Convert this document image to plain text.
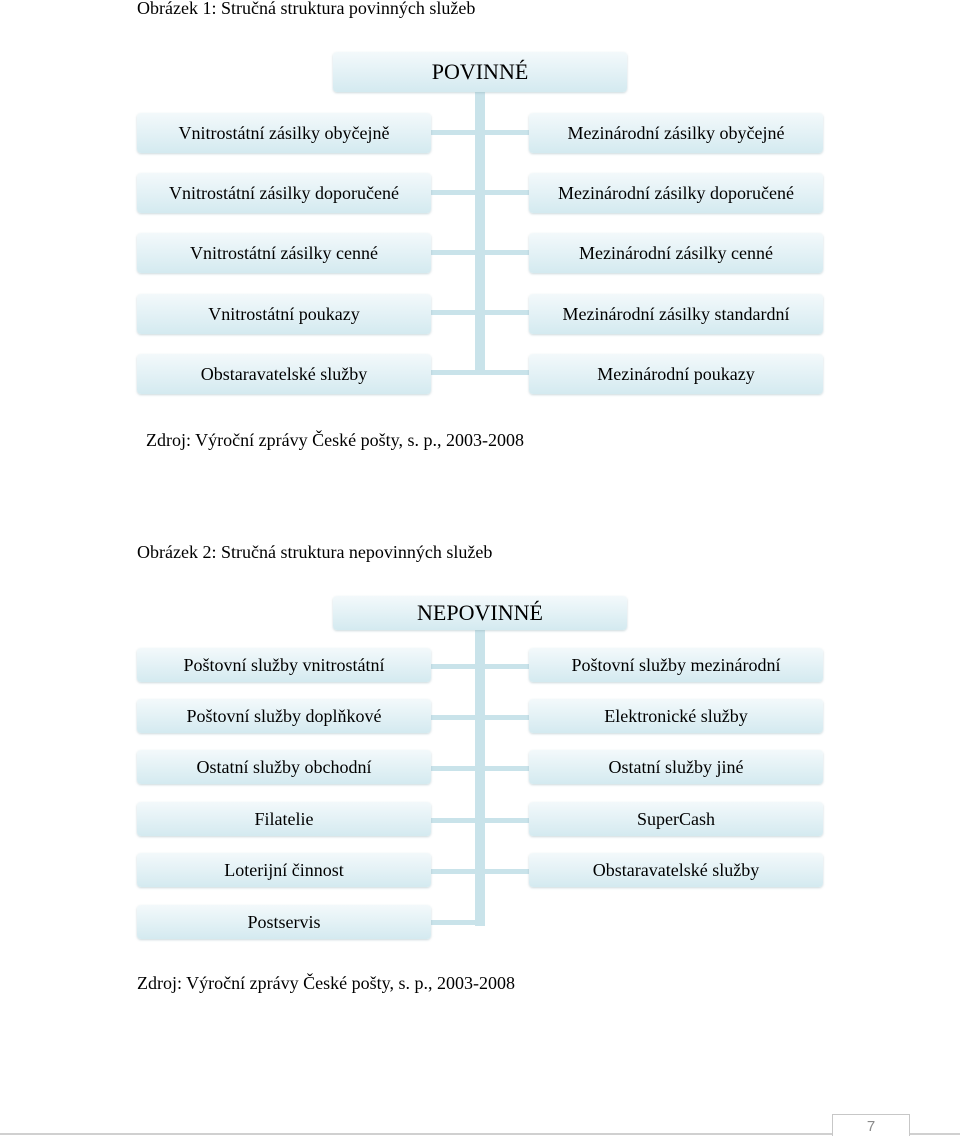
Obrázek 1: Stručná struktura povinných služeb
POVINNÉ
Vnitrostátní zásilky obyčejně
Vnitrostátní zásilky doporučené
Vnitrostátní zásilky cenné
Vnitrostátní poukazy
Obstaravatelské služby
Mezinárodní zásilky obyčejné
Mezinárodní zásilky doporučené
Mezinárodní zásilky cenné
Mezinárodní zásilky standardní
Mezinárodní poukazy
Zdroj: Výroční zprávy České pošty, s. p., 2003-2008
Obrázek 2: Stručná struktura nepovinných služeb
NEPOVINNÉ
Poštovní služby vnitrostátní
Poštovní služby doplňkové
Ostatní služby obchodní
Filatelie
Loterijní činnost
Postservis
Poštovní služby mezinárodní
Elektronické služby
Ostatní služby jiné
SuperCash
Obstaravatelské služby
Zdroj: Výroční zprávy České pošty, s. p., 2003-2008
7
